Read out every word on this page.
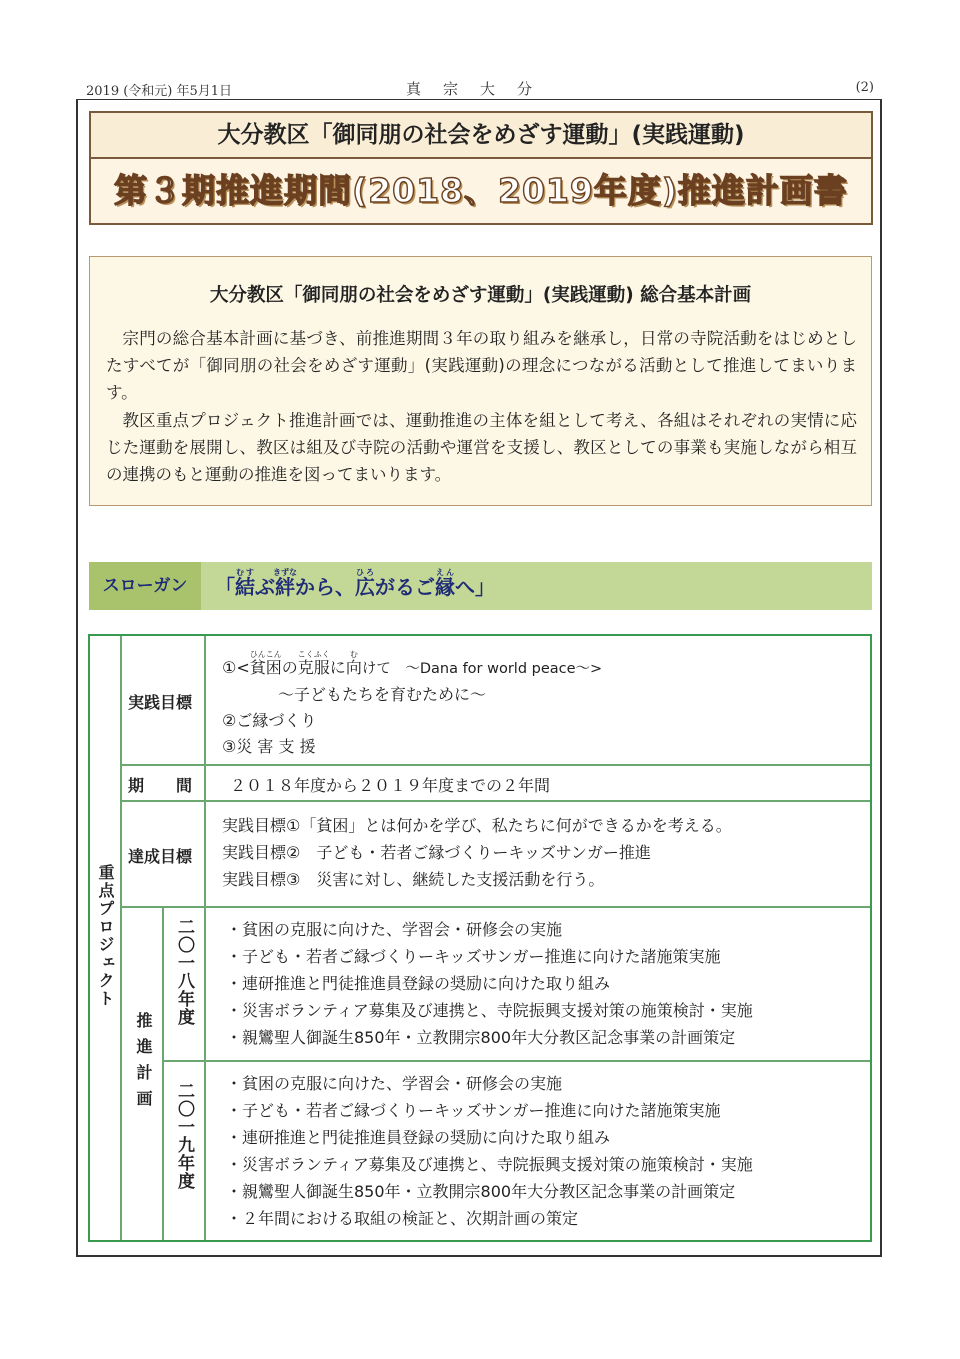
2019 (令和元) 年5月1日	真宗大分	(2)
大分教区「御同朋の社会をめざす運動」(実践運動)
第３期推進期間(2018、2019年度)推進計画書
大分教区「御同朋の社会をめざす運動」(実践運動) 総合基本計画
宗門の総合基本計画に基づき、前推進期間３年の取り組みを継承し，日常の寺院活動をはじめとしたすべてが「御同朋の社会をめざす運動」(実践運動)の理念につながる活動として推進してまいります。
教区重点プロジェクト推進計画では、運動推進の主体を組として考え、各組はそれぞれの実情に応じた運動を展開し、教区は組及び寺院の活動や運営を支援し、教区としての事業も実施しながら相互の連携のもと運動の推進を図ってまいります。
スローガン	「結むすぶ絆きずなから、広ひろがるご縁えんへ」
重点プロジェクト
実践目標
①<貧困ひんこんの克服こくふくに向むけて　～Dana for world peace～>
～子どもたちを育むために～
②ご縁づくり
③災 害 支 援
期　　間 ２０１８年度から２０１９年度までの２年間
達成目標
実践目標①「貧困」とは何かを学び、私たちに何ができるかを考える。
実践目標②　子ども・若者ご縁づくりーキッズサンガー推進
実践目標③　災害に対し、継続した支援活動を行う。
推進計画
二〇一八年度 ・貧困の克服に向けた、学習会・研修会の実施
・子ども・若者ご縁づくりーキッズサンガー推進に向けた諸施策実施
・連研推進と門徒推進員登録の奨励に向けた取り組み
・災害ボランティア募集及び連携と、寺院振興支援対策の施策検討・実施
・親鸞聖人御誕生850年・立教開宗800年大分教区記念事業の計画策定
二〇一九年度 ・貧困の克服に向けた、学習会・研修会の実施
・子ども・若者ご縁づくりーキッズサンガー推進に向けた諸施策実施
・連研推進と門徒推進員登録の奨励に向けた取り組み
・災害ボランティア募集及び連携と、寺院振興支援対策の施策検討・実施
・親鸞聖人御誕生850年・立教開宗800年大分教区記念事業の計画策定
・２年間における取組の検証と、次期計画の策定
